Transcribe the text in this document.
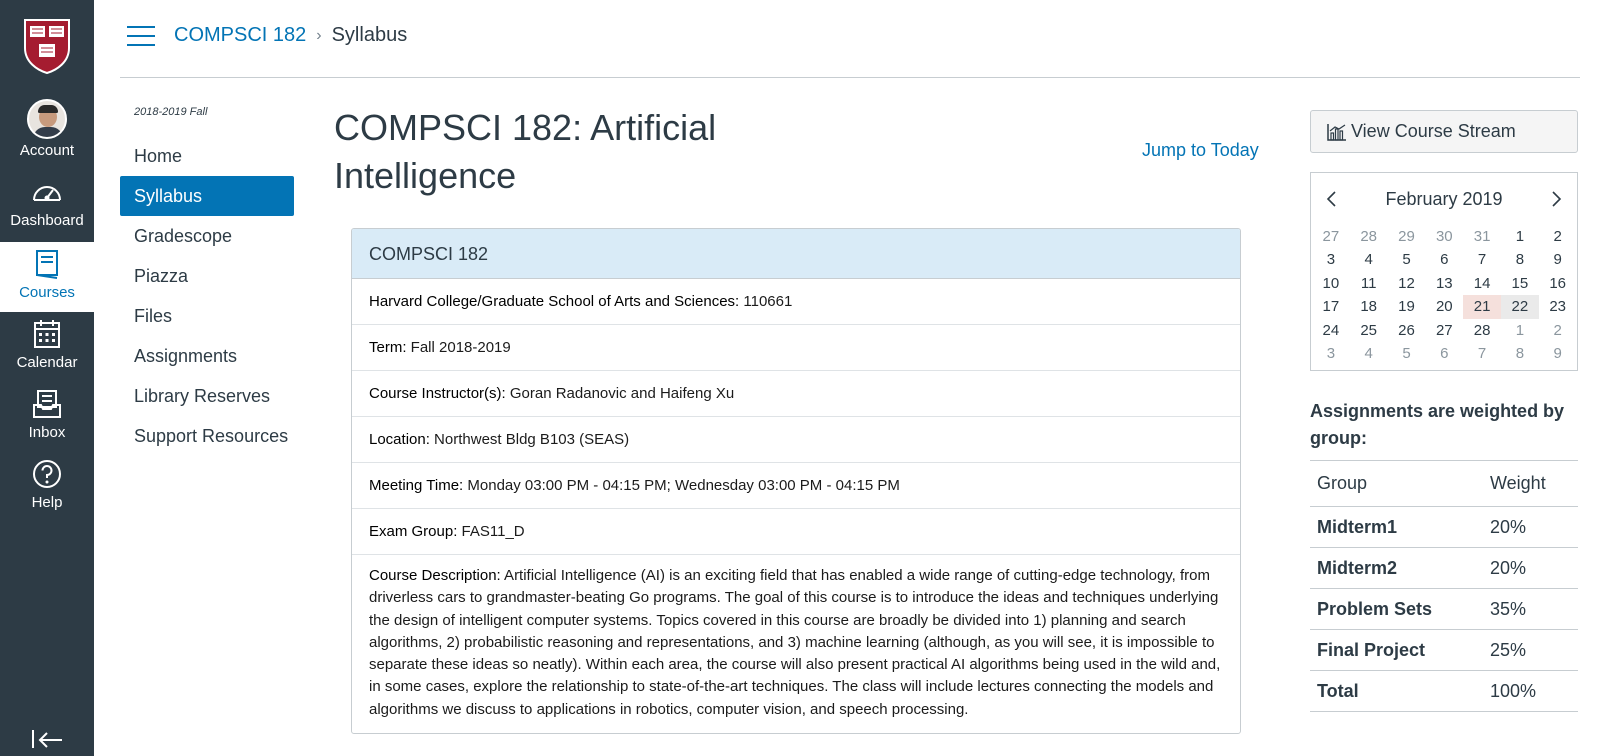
Account
Dashboard
Courses
Calendar
Inbox
Help
COMPSCI 182 › Syllabus
2018-2019 Fall
Home
Syllabus
Gradescope
Piazza
Files
Assignments
Library Reserves
Support Resources
COMPSCI 182: Artificial Intelligence
Jump to Today
COMPSCI 182
Harvard College/Graduate School of Arts and Sciences: 110661
Term: Fall 2018-2019
Course Instructor(s): Goran Radanovic and Haifeng Xu
Location: Northwest Bldg B103 (SEAS)
Meeting Time: Monday 03:00 PM - 04:15 PM; Wednesday 03:00 PM - 04:15 PM
Exam Group: FAS11_D
Course Description: Artificial Intelligence (AI) is an exciting field that has enabled a wide range of cutting-edge technology, from driverless cars to grandmaster-beating Go programs. The goal of this course is to introduce the ideas and techniques underlying the design of intelligent computer systems. Topics covered in this course are broadly be divided into 1) planning and search algorithms, 2) probabilistic reasoning and representations, and 3) machine learning (although, as you will see, it is impossible to separate these ideas so neatly). Within each area, the course will also present practical AI algorithms being used in the wild and, in some cases, explore the relationship to state-of-the-art techniques. The class will include lectures connecting the models and algorithms we discuss to applications in robotics, computer vision, and speech processing.
View Course Stream
February 2019
27	28	29	30	31	1	2
3	4	5	6	7	8	9
10	11	12	13	14	15	16
17	18	19	20	21	22	23
24	25	26	27	28	1	2
3	4	5	6	7	8	9
Assignments are weighted by group:
Group	Weight
Midterm1	20%
Midterm2	20%
Problem Sets	35%
Final Project	25%
Total	100%
